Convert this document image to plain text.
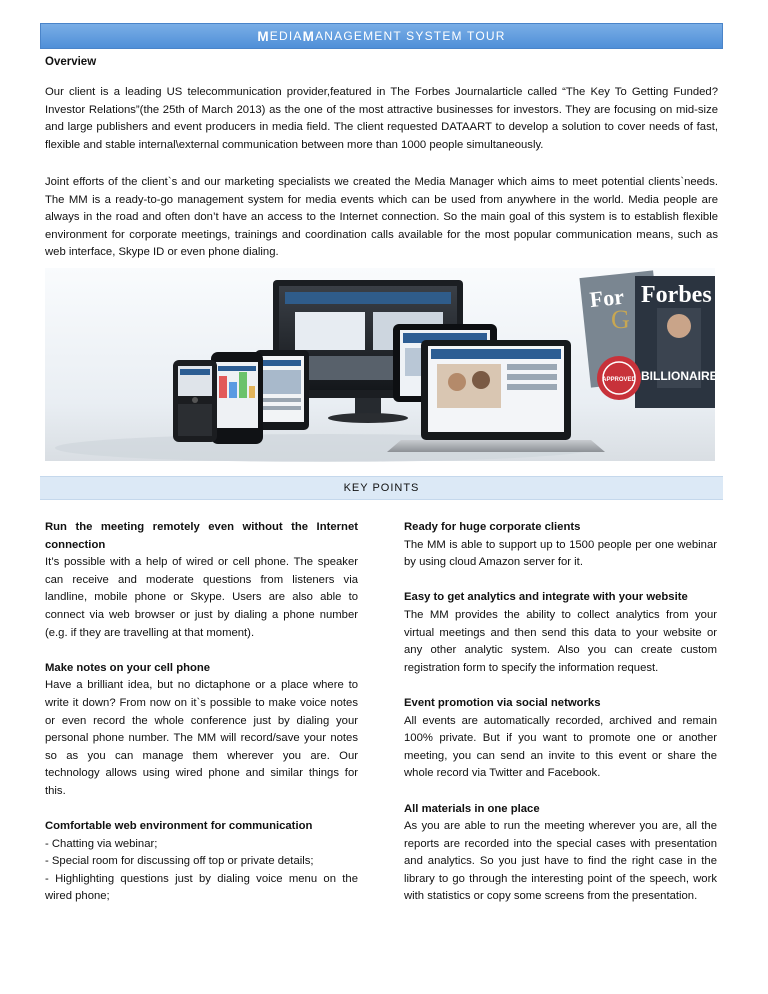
M EDIA M ANAGEMENT SYSTEM TOUR
Overview

Our client is a leading US telecommunication provider,featured in The Forbes Journalarticle called “The Key To Getting Funded? Investor Relations”(the 25th of March 2013) as the one of the most attractive businesses for investors. They are focusing on mid-size and large publishers and event producers in media field. The client requested DATAART to develop a solution to cover needs of fast, flexible and stable internal\external communication between more than 1000 people simultaneously.

Joint efforts of the client`s and our marketing specialists we created the Media Manager which aims to meet potential clients`needs. The MM is a ready-to-go management system for media events which can be used from anywhere in the world. Media people are always in the road and often don’t have an access to the Internet connection. So the main goal of this system is to establish flexible environment for corporate meetings, trainings and coordination calls available for the most popular communication means, such as web interface, Skype ID or even phone dialing.

For Forbes
BILLIONAIRES
G
APPROVED
KEY POINTS
Run the meeting remotely even without the Internet connection

It’s possible with a help of wired or cell phone. The speaker can receive and moderate questions from listeners via landline, mobile phone or Skype. Users are also able to connect via web browser or just by dialing a phone number (e.g. if they are travelling at that moment).

Make notes on your cell phone

Have a brilliant idea, but no dictaphone or a place where to write it down? From now on it`s possible to make voice notes or even record the whole conference just by dialing your personal phone number. The MM will record/save your notes so as you can manage them wherever you are. Our technology allows using wired phone and similar things for this.

Comfortable web environment for communication
- Chatting via webinar;
- Special room for discussing off top or private details;
- Highlighting questions just by dialing voice menu on the wired phone;
Ready for huge corporate clients

The MM is able to support up to 1500 people per one webinar by using cloud Amazon server for it.

Easy to get analytics and integrate with your website

The MM provides the ability to collect analytics from your virtual meetings and then send this data to your website or any other analytic system. Also you can create custom registration form to specify the information request.

Event promotion via social networks

All events are automatically recorded, archived and remain 100% private. But if you want to promote one or another meeting, you can send an invite to this event or share the whole record via Twitter and Facebook.

All materials in one place

As you are able to run the meeting wherever you are, all the reports are recorded into the special cases with presentation and analytics. So you just have to find the right case in the library to go through the interesting point of the speech, work with statistics or copy some screens from the presentation.
